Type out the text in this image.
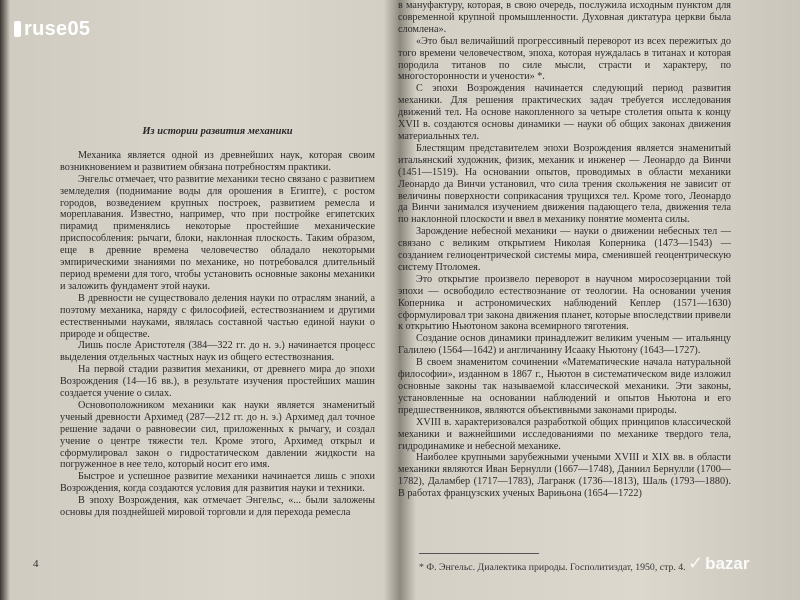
Из истории развития механики

Механика является одной из древнейших наук, которая своим возникновением и развитием обязана потребностям практики.

Энгельс отмечает, что развитие механики тесно связано с развитием земледелия (поднимание воды для орошения в Египте), с ростом городов, возведением крупных построек, развитием ремесла и мореплавания. Известно, например, что при постройке египетских пирамид применялись некоторые простейшие механические приспособления: рычаги, блоки, наклонная плоскость. Таким образом, еще в древние времена человечество обладало некоторыми эмпирическими знаниями по механике, но потребовался длительный период времени для того, чтобы установить основные законы механики и заложить фундамент этой науки.

В древности не существовало деления науки по отраслям знаний, а поэтому механика, наряду с философией, естествознанием и другими естественными науками, являлась составной частью единой науки о природе и обществе.

Лишь после Аристотеля (384—322 гг. до н. э.) начинается процесс выделения отдельных частных наук из общего естествознания.

На первой стадии развития механики, от древнего мира до эпохи Возрождения (14—16 вв.), в результате изучения простейших машин создается учение о силах.

Основоположником механики как науки является знаменитый ученый древности Архимед (287—212 гг. до н. э.) Архимед дал точное решение задачи о равновесии сил, приложенных к рычагу, и создал учение о центре тяжести тел. Кроме этого, Архимед открыл и сформулировал закон о гидростатическом давлении жидкости на погруженное в нее тело, который носит его имя.

Быстрое и успешное развитие механики начинается лишь с эпохи Возрождения, когда создаются условия для развития науки и техники.

В эпоху Возрождения, как отмечает Энгельс, «... были заложены основы для позднейшей мировой торговли и для перехода ремесла

4

в мануфактуру, которая, в свою очередь, послужила исходным пунктом для современной крупной промышленности. Духовная диктатура церкви была сломлена».

«Это был величайший прогрессивный переворот из всех пережитых до того времени человечеством, эпоха, которая нуждалась в титанах и которая породила титанов по силе мысли, страсти и характеру, по многосторонности и учености» *.

С эпохи Возрождения начинается следующий период развития механики. Для решения практических задач требуется исследования движений тел. На основе накопленного за четыре столетия опыта к концу XVII в. создаются основы динамики — науки об общих законах движения материальных тел.

Блестящим представителем эпохи Возрождения является знаменитый итальянский художник, физик, механик и инженер — Леонардо да Винчи (1451—1519). На основании опытов, проводимых в области механики Леонардо да Винчи установил, что сила трения скольжения не зависит от величины поверхности соприкасания трущихся тел. Кроме того, Леонардо да Винчи занимался изучением движения падающего тела, движения тела по наклонной плоскости и ввел в механику понятие момента силы.

Зарождение небесной механики — науки о движении небесных тел — связано с великим открытием Николая Коперника (1473—1543) — созданием гелиоцентрической системы мира, сменившей геоцентрическую систему Птоломея.

Это открытие произвело переворот в научном миросозерцании той эпохи — освободило естествознание от теологии. На основании учения Коперника и астрономических наблюдений Кеплер (1571—1630) сформулировал три закона движения планет, которые впоследствии привели к открытию Ньютоном закона всемирного тяготения.

Создание основ динамики принадлежит великим ученым — итальянцу Галилею (1564—1642) и англичанину Исааку Ньютону (1643—1727).

В своем знаменитом сочинении «Математические начала натуральной философии», изданном в 1867 г., Ньютон в систематическом виде изложил основные законы так называемой классической механики. Эти законы, установленные на основании наблюдений и опытов Ньютона и его предшественников, являются объективными законами природы.

XVIII в. характеризовался разработкой общих принципов классической механики и важнейшими исследованиями по механике твердого тела, гидродинамике и небесной механике.

Наиболее крупными зарубежными учеными XVIII и XIX вв. в области механики являются Иван Бернулли (1667—1748), Даниил Бернулли (1700—1782), Даламбер (1717—1783), Лагранж (1736—1813), Шаль (1793—1880). В работах французских ученых Варињона (1654—1722)

* Ф. Энгельс. Диалектика природы. Госполитиздат, 1950, стр. 4.
ruse05
✓ bazar
